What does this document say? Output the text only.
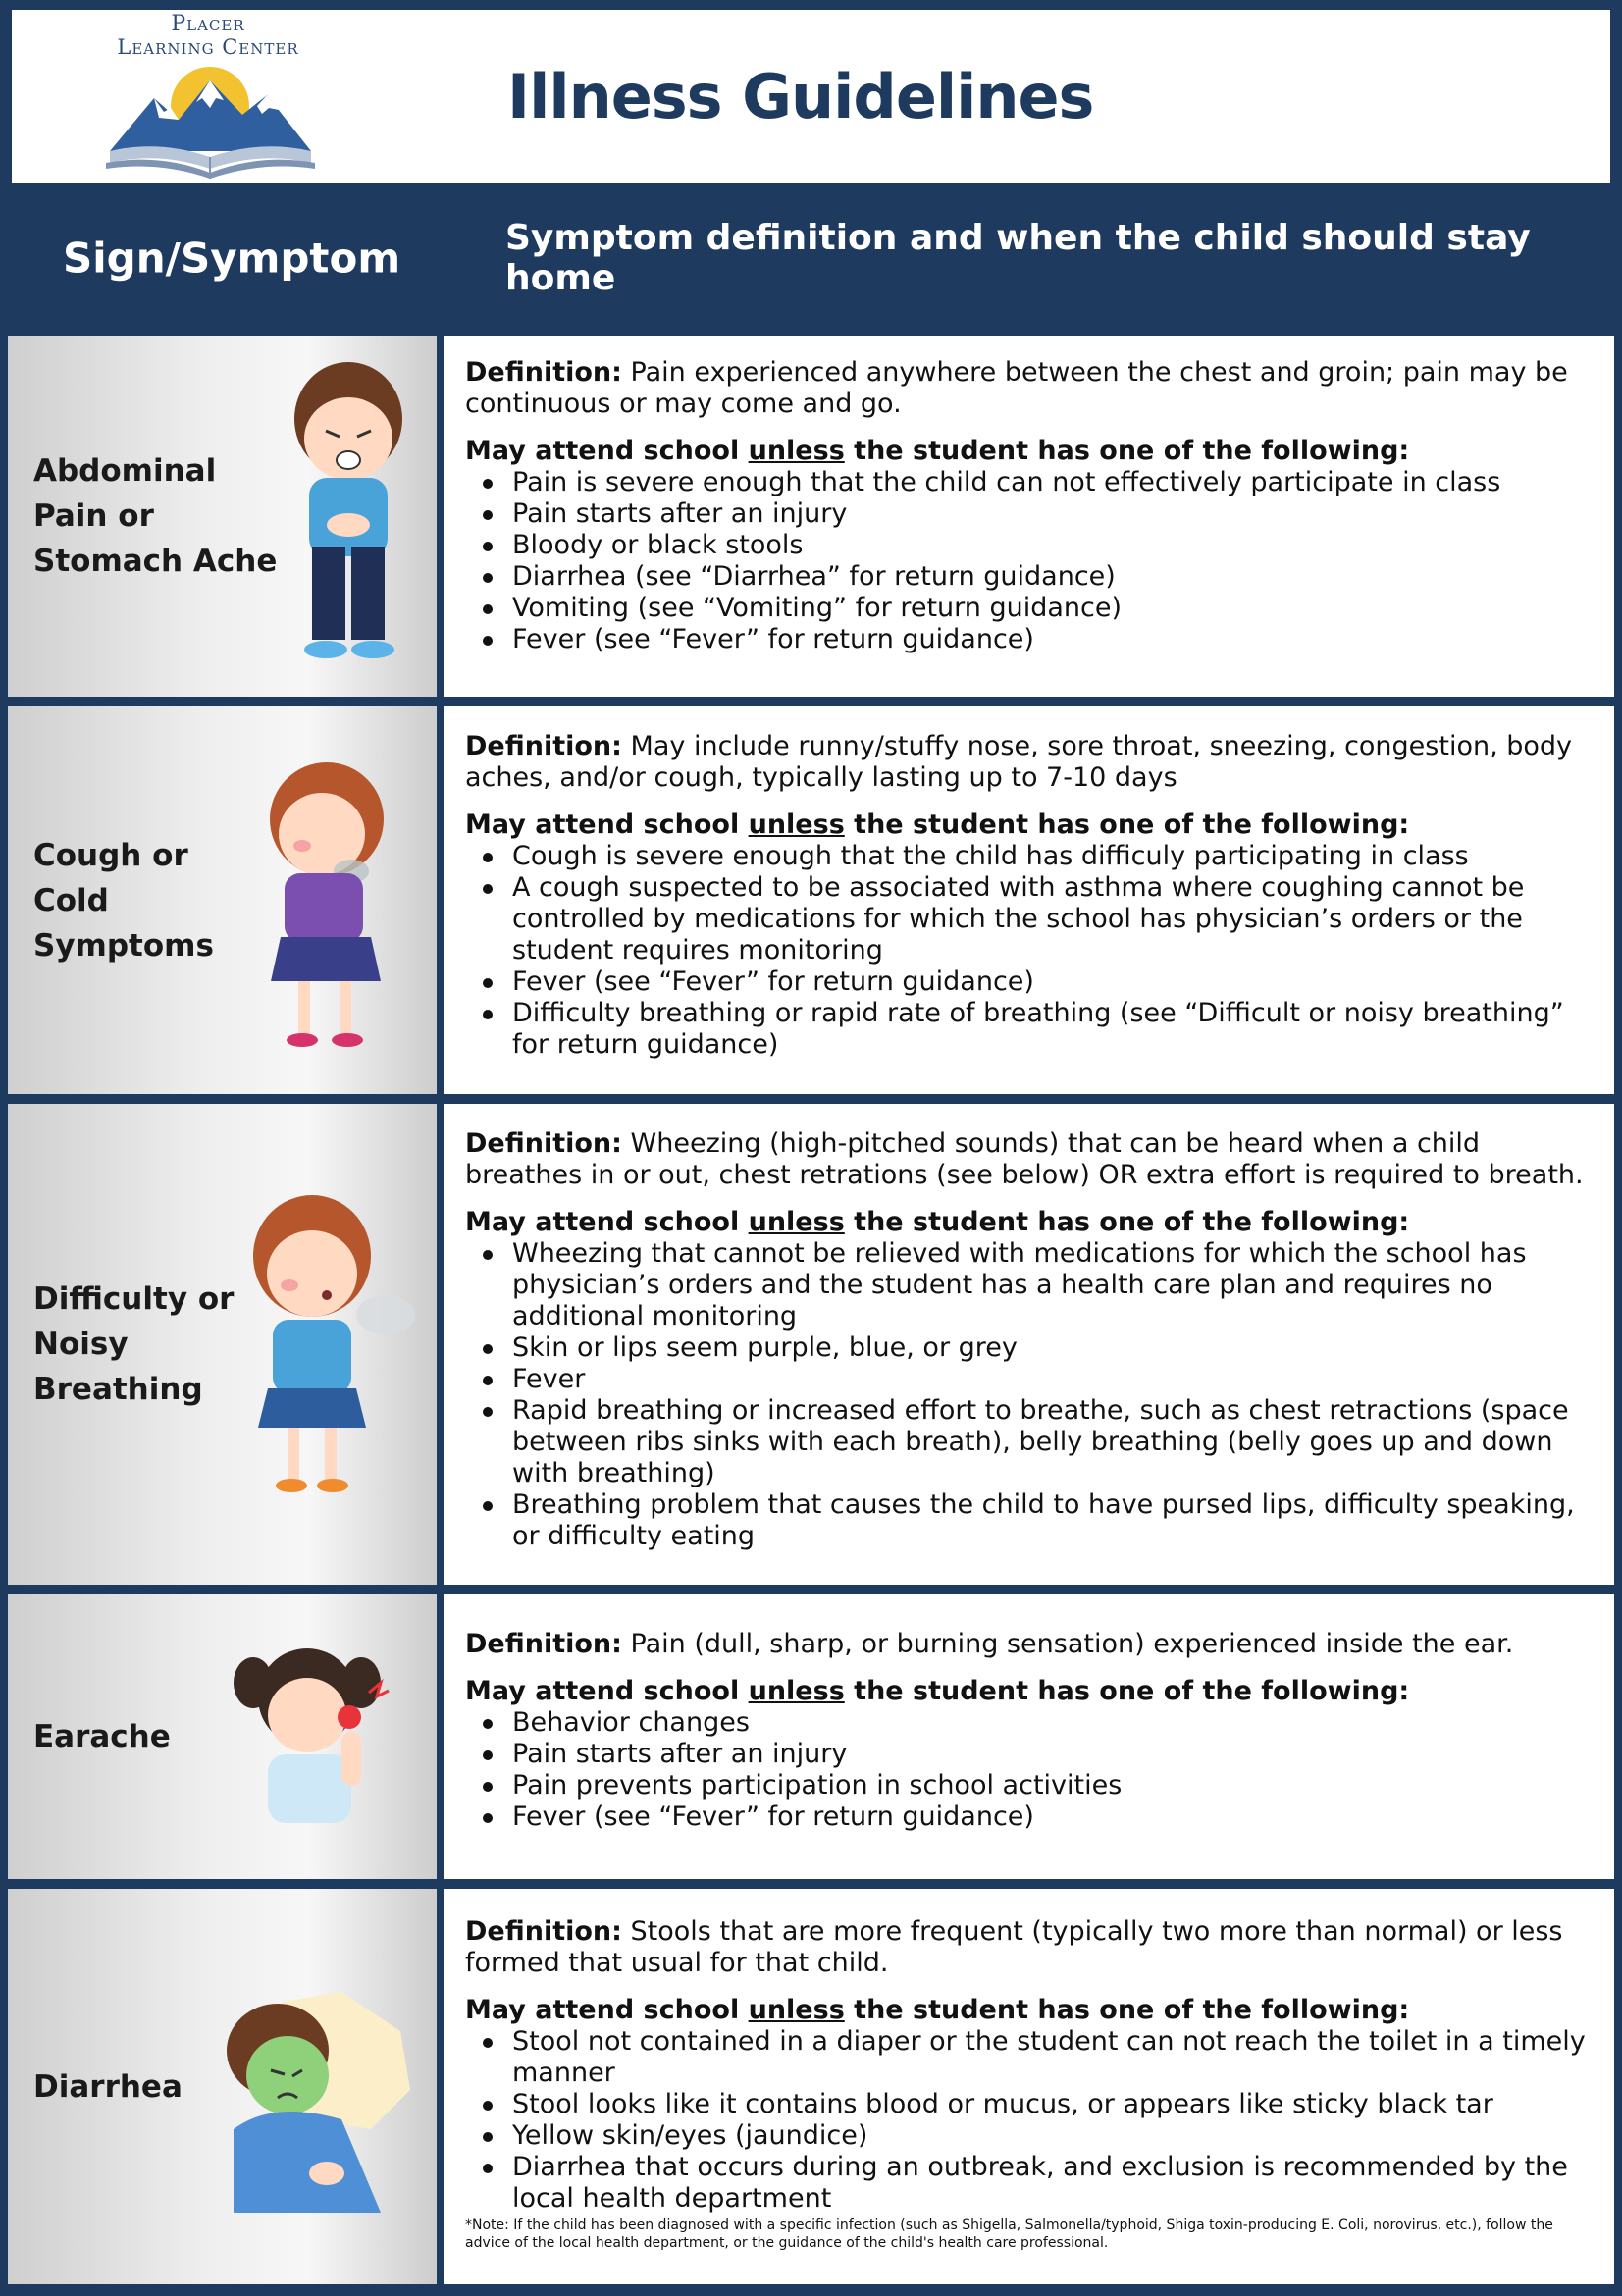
Placer
Learning Center
Illness Guidelines
Sign/Symptom	Symptom definition and when the child should stay home
Abdominal Pain or Stomach Ache

Definition: Pain experienced anywhere between the chest and groin; pain may be continuous or may come and go.

May attend school unless the student has one of the following:
Pain is severe enough that the child can not effectively participate in class
Pain starts after an injury
Bloody or black stools
Diarrhea (see “Diarrhea” for return guidance)
Vomiting (see “Vomiting” for return guidance)
Fever (see “Fever” for return guidance)
Cough or Cold Symptoms

Definition: May include runny/stuffy nose, sore throat, sneezing, congestion, body aches, and/or cough, typically lasting up to 7-10 days

May attend school unless the student has one of the following:
Cough is severe enough that the child has difficuly participating in class
A cough suspected to be associated with asthma where coughing cannot be controlled by medications for which the school has physician’s orders or the student requires monitoring
Fever (see “Fever” for return guidance)
Difficulty breathing or rapid rate of breathing (see “Difficult or noisy breathing” for return guidance)
Difficulty or Noisy Breathing

Definition: Wheezing (high-pitched sounds) that can be heard when a child breathes in or out, chest retrations (see below) OR extra effort is required to breath.

May attend school unless the student has one of the following:
Wheezing that cannot be relieved with medications for which the school has physician’s orders and the student has a health care plan and requires no additional monitoring
Skin or lips seem purple, blue, or grey
Fever
Rapid breathing or increased effort to breathe, such as chest retractions (space between ribs sinks with each breath), belly breathing (belly goes up and down with breathing)
Breathing problem that causes the child to have pursed lips, difficulty speaking, or difficulty eating
Earache

Definition: Pain (dull, sharp, or burning sensation) experienced inside the ear.

May attend school unless the student has one of the following:
Behavior changes
Pain starts after an injury
Pain prevents participation in school activities
Fever (see “Fever” for return guidance)
Diarrhea

Definition: Stools that are more frequent (typically two more than normal) or less formed that usual for that child.

May attend school unless the student has one of the following:
Stool not contained in a diaper or the student can not reach the toilet in a timely manner
Stool looks like it contains blood or mucus, or appears like sticky black tar
Yellow skin/eyes (jaundice)
Diarrhea that occurs during an outbreak, and exclusion is recommended by the local health department
*Note: If the child has been diagnosed with a specific infection (such as Shigella, Salmonella/typhoid, Shiga toxin-producing E. Coli, norovirus, etc.), follow the advice of the local health department, or the guidance of the child's health care professional.
